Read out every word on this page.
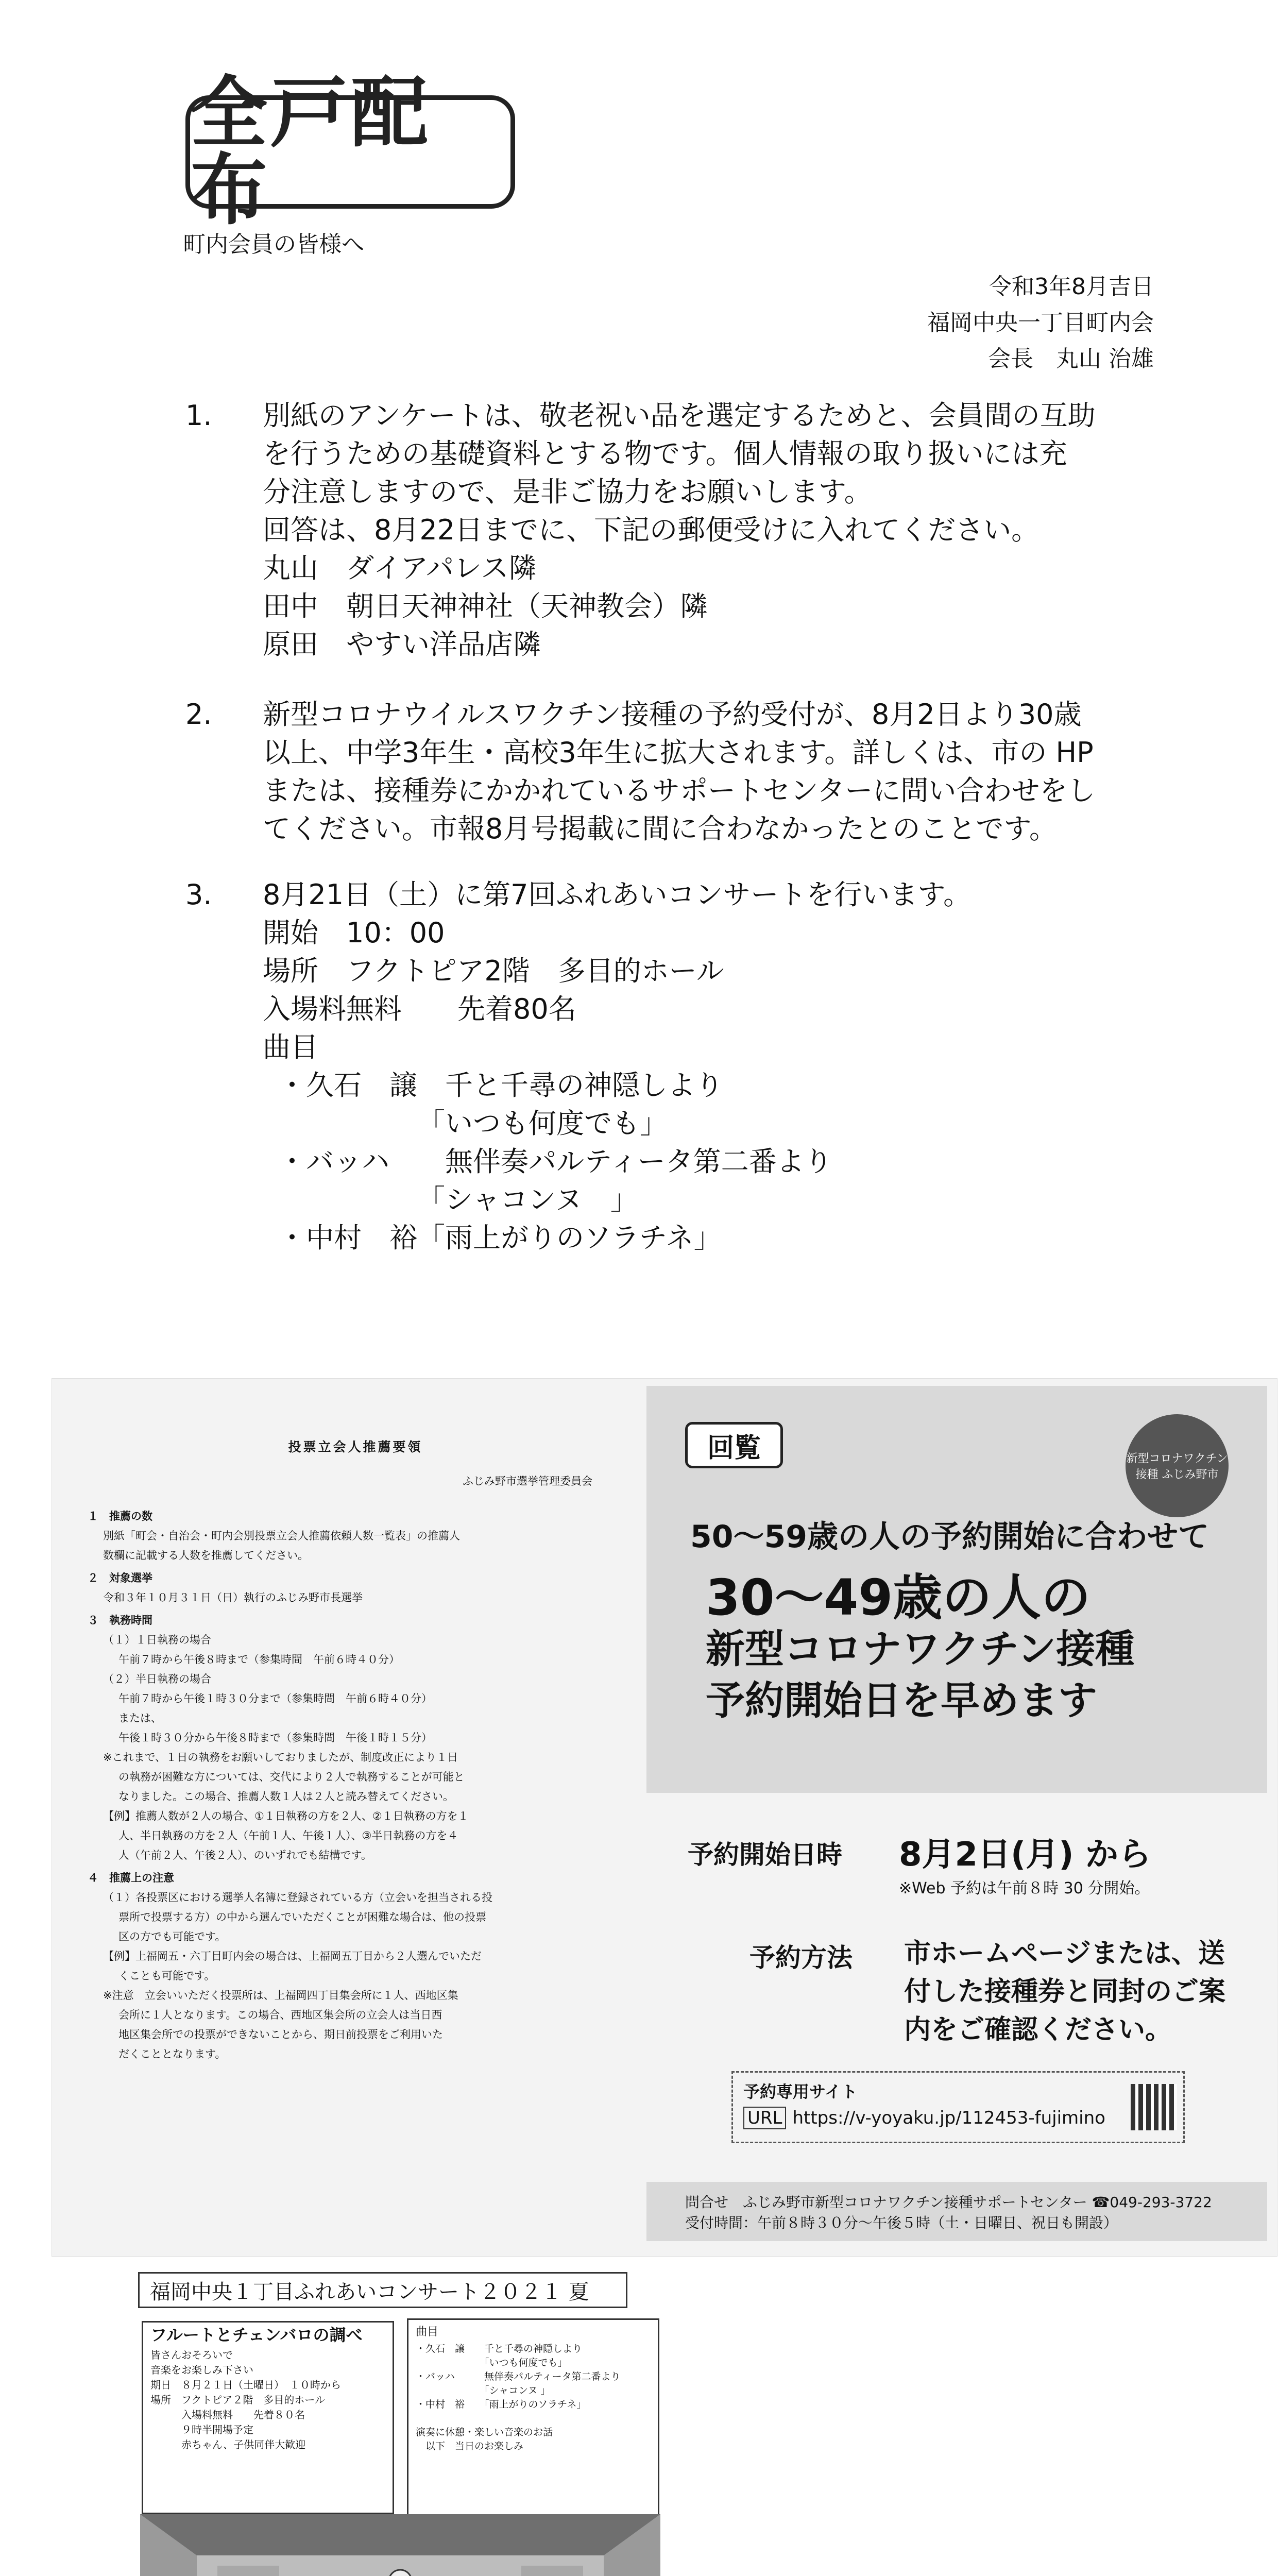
全戸配布
町内会員の皆様へ
令和3年8月吉日
福岡中央一丁目町内会
会長　丸山 治雄
1.	別紙のアンケートは、敬老祝い品を選定するためと、会員間の互助
を行うための基礎資料とする物です。個人情報の取り扱いには充
分注意しますので、是非ご協力をお願いします。
回答は、8月22日までに、下記の郵便受けに入れてください。
丸山　ダイアパレス隣
田中　朝日天神神社（天神教会）隣
原田　やすい洋品店隣
2.	新型コロナウイルスワクチン接種の予約受付が、8月2日より30歳
以上、中学3年生・高校3年生に拡大されます。詳しくは、市の HP
または、接種券にかかれているサポートセンターに問い合わせをし
てください。市報8月号掲載に間に合わなかったとのことです。
3.	8月21日（土）に第7回ふれあいコンサートを行います。
開始　10：00
場所　フクトピア2階　多目的ホール
入場料無料　　先着80名
曲目
・久石　譲　千と千尋の神隠しより
「いつも何度でも」
・バッハ　　無伴奏パルティータ第二番より
「シャコンヌ　」
・中村　裕「雨上がりのソラチネ」
投票立会人推薦要領
ふじみ野市選挙管理委員会
１　推薦の数
別紙「町会・自治会・町内会別投票立会人推薦依頼人数一覧表」の推薦人
数欄に記載する人数を推薦してください。
２　対象選挙
令和３年１０月３１日（日）執行のふじみ野市長選挙
３　執務時間
（１）１日執務の場合
午前７時から午後８時まで（参集時間　午前６時４０分）
（２）半日執務の場合
午前７時から午後１時３０分まで（参集時間　午前６時４０分）
または、
午後１時３０分から午後８時まで（参集時間　午後１時１５分）
※これまで、１日の執務をお願いしておりましたが、制度改正により１日
の執務が困難な方については、交代により２人で執務することが可能と
なりました。この場合、推薦人数１人は２人と読み替えてください。
【例】推薦人数が２人の場合、①１日執務の方を２人、②１日執務の方を１
人、半日執務の方を２人（午前１人、午後１人）、③半日執務の方を４
人（午前２人、午後２人）、のいずれでも結構です。
４　推薦上の注意
（１）各投票区における選挙人名簿に登録されている方（立会いを担当される投
票所で投票する方）の中から選んでいただくことが困難な場合は、他の投票
区の方でも可能です。
【例】上福岡五・六丁目町内会の場合は、上福岡五丁目から２人選んでいただ
くことも可能です。
※注意　立会いいただく投票所は、上福岡四丁目集会所に１人、西地区集
会所に１人となります。この場合、西地区集会所の立会人は当日西
地区集会所での投票ができないことから、期日前投票をご利用いた
だくこととなります。
回覧	新型コロナワクチン接種 ふじみ野市
50〜59歳の人の予約開始に合わせて
30〜49歳の人の
新型コロナワクチン接種
予約開始日を早めます
予約開始日時 8月2日(月) から
※Web 予約は午前８時 30 分開始。
予約方法 市ホームページまたは、送付した接種券と同封のご案内をご確認ください。
予約専用サイト
URL https://v-yoyaku.jp/112453-fujimino
問合せ　ふじみ野市新型コロナワクチン接種サポートセンター ☎049-293-3722
受付時間：午前８時３０分〜午後５時（土・日曜日、祝日も開設）
福岡中央１丁目ふれあいコンサート２０２１ 夏
フルートとチェンバロの調べ
皆さんおそろいで
音楽をお楽しみ下さい
期日　８月２１日（土曜日）　１０時から
場所　フクトピア２階　多目的ホール
　　　入場料無料　　先着８０名
　　　９時半開場予定
　　　赤ちゃん、子供同伴大歓迎
曲目
・久石　譲　　千と千尋の神隠しより
　　　　　　　「いつも何度でも」
・バッハ　　　無伴奏パルティータ第二番より
　　　　　　　「シャコンヌ 」
・中村　裕　　「雨上がりのソラチネ」
演奏に休憩・楽しい音楽のお話
　以下　当日のお楽しみ
